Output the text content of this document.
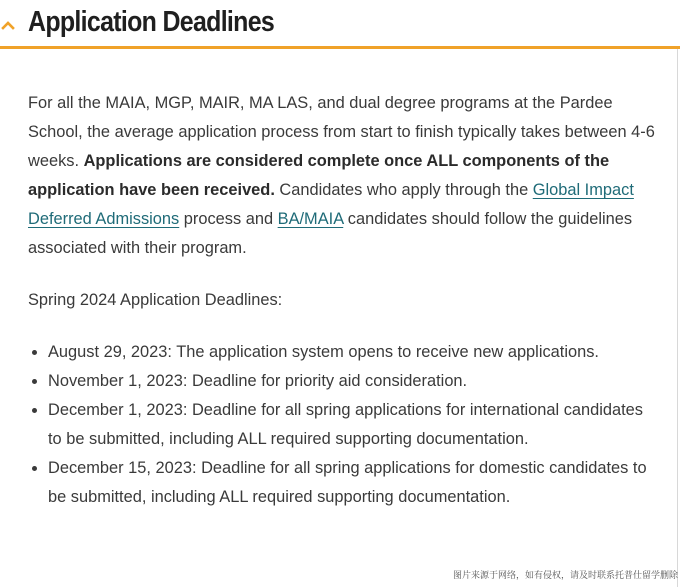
Application Deadlines

For all the MAIA, MGP, MAIR, MA LAS, and dual degree programs at the Pardee School, the average application process from start to finish typically takes between 4-6 weeks. Applications are considered complete once ALL components of the application have been received. Candidates who apply through the Global Impact Deferred Admissions process and BA/MAIA candidates should follow the guidelines associated with their program.

Spring 2024 Application Deadlines:

• August 29, 2023: The application system opens to receive new applications.
• November 1, 2023: Deadline for priority aid consideration.
• December 1, 2023: Deadline for all spring applications for international candidates to be submitted, including ALL required supporting documentation.
• December 15, 2023: Deadline for all spring applications for domestic candidates to be submitted, including ALL required supporting documentation.
图片来源于网络，如有侵权，请及时联系托普仕留学删除
